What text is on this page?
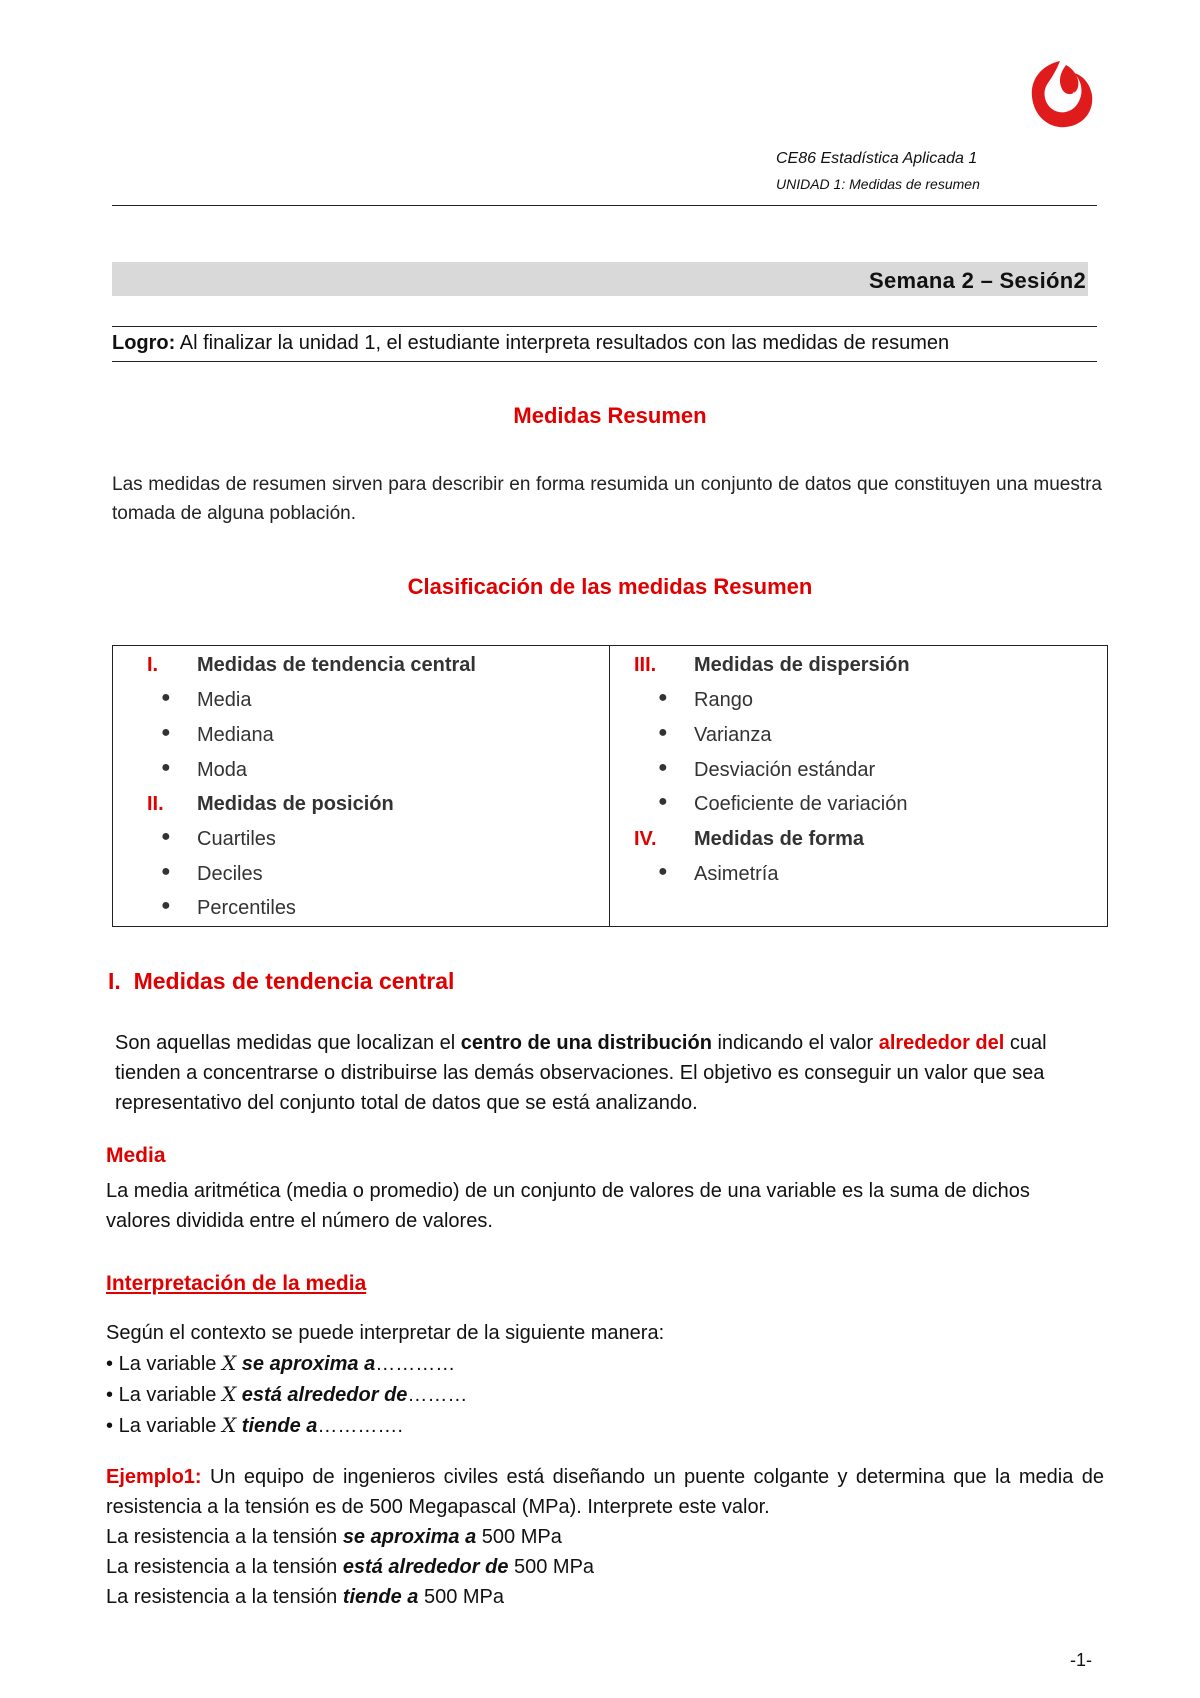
CE86 Estadística Aplicada 1
UNIDAD 1: Medidas de resumen
Semana 2 – Sesión2
Logro: Al finalizar la unidad 1, el estudiante interpreta resultados con las medidas de resumen
Medidas Resumen
Las medidas de resumen sirven para describir en forma resumida un conjunto de datos que constituyen una muestra tomada de alguna población.
Clasificación de las medidas Resumen
I. Medidas de tendencia central
● Media
● Mediana
● Moda
II. Medidas de posición
● Cuartiles
● Deciles
● Percentiles
III. Medidas de dispersión
● Rango
● Varianza
● Desviación estándar
● Coeficiente de variación
IV. Medidas de forma
● Asimetría
I. Medidas de tendencia central
Son aquellas medidas que localizan el centro de una distribución indicando el valor alrededor del cual tienden a concentrarse o distribuirse las demás observaciones. El objetivo es conseguir un valor que sea representativo del conjunto total de datos que se está analizando.
Media
La media aritmética (media o promedio) de un conjunto de valores de una variable es la suma de dichos valores dividida entre el número de valores.
Interpretación de la media
Según el contexto se puede interpretar de la siguiente manera:
• La variable X se aproxima a…………
• La variable X está alrededor de………
• La variable X tiende a………….
Ejemplo1: Un equipo de ingenieros civiles está diseñando un puente colgante y determina que la media de resistencia a la tensión es de 500 Megapascal (MPa). Interprete este valor.
La resistencia a la tensión se aproxima a 500 MPa
La resistencia a la tensión está alrededor de 500 MPa
La resistencia a la tensión tiende a 500 MPa
-1-
